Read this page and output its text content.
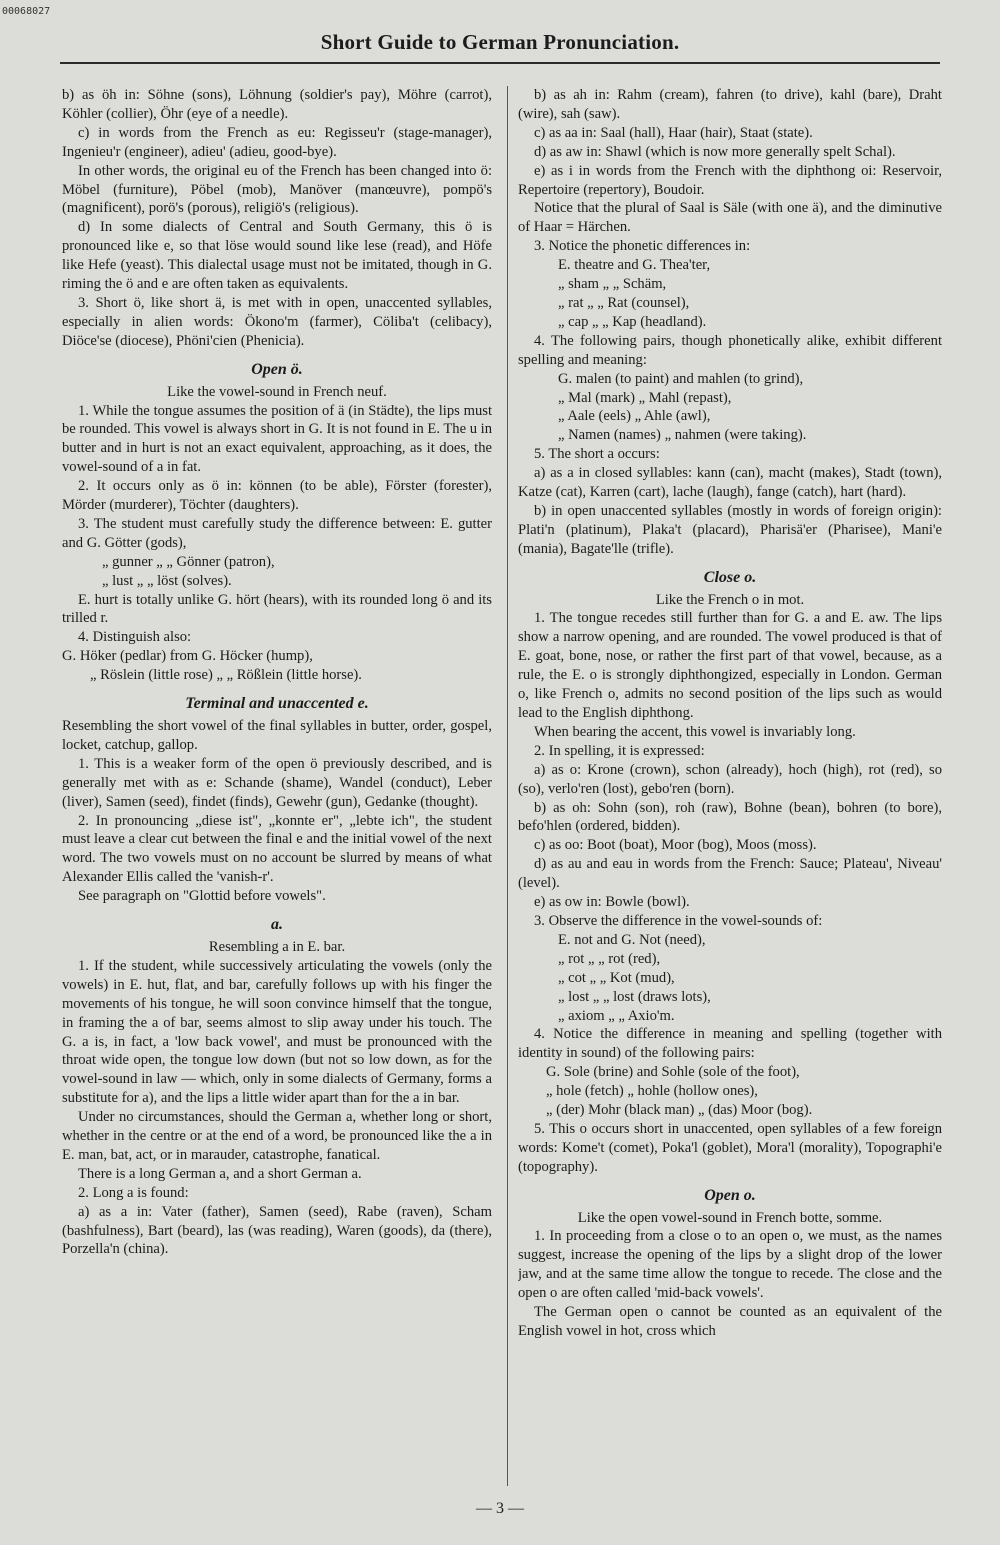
00068027
Short Guide to German Pronunciation.

b) as öh in: Söhne (sons), Löhnung (soldier's pay), Möhre (carrot), Köhler (collier), Öhr (eye of a needle).

c) in words from the French as eu: Regisseu'r (stage-manager), Ingenieu'r (engineer), adieu' (adieu, good-bye).

In other words, the original eu of the French has been changed into ö: Möbel (furniture), Pöbel (mob), Manöver (manœuvre), pompö's (magnificent), porö's (porous), religiö's (religious).

d) In some dialects of Central and South Germany, this ö is pronounced like e, so that löse would sound like lese (read), and Höfe like Hefe (yeast). This dialectal usage must not be imitated, though in G. riming the ö and e are often taken as equivalents.

3. Short ö, like short ä, is met with in open, unaccented syllables, especially in alien words: Ökono'm (farmer), Cöliba't (celibacy), Diöce'se (diocese), Phöni'cien (Phenicia).

Open ö.

Like the vowel-sound in French neuf.

1. While the tongue assumes the position of ä (in Städte), the lips must be rounded. This vowel is always short in G. It is not found in E. The u in butter and in hurt is not an exact equivalent, approaching, as it does, the vowel-sound of a in fat.

2. It occurs only as ö in: können (to be able), Förster (forester), Mörder (murderer), Töchter (daughters).

3. The student must carefully study the difference between: E. gutter and G. Götter (gods),

„ gunner „ „ Gönner (patron),

„ lust „ „ löst (solves).

E. hurt is totally unlike G. hört (hears), with its rounded long ö and its trilled r.

4. Distinguish also:

G. Höker (pedlar) from G. Höcker (hump),

„ Röslein (little rose) „ „ Rößlein (little horse).

Terminal and unaccented e.

Resembling the short vowel of the final syllables in butter, order, gospel, locket, catchup, gallop.

1. This is a weaker form of the open ö previously described, and is generally met with as e: Schande (shame), Wandel (conduct), Leber (liver), Samen (seed), findet (finds), Gewehr (gun), Gedanke (thought).

2. In pronouncing „diese ist", „konnte er", „lebte ich", the student must leave a clear cut between the final e and the initial vowel of the next word. The two vowels must on no account be slurred by means of what Alexander Ellis called the 'vanish-r'.

See paragraph on "Glottid before vowels".

a.

Resembling a in E. bar.

1. If the student, while successively articulating the vowels (only the vowels) in E. hut, flat, and bar, carefully follows up with his finger the movements of his tongue, he will soon convince himself that the tongue, in framing the a of bar, seems almost to slip away under his touch. The G. a is, in fact, a 'low back vowel', and must be pronounced with the throat wide open, the tongue low down (but not so low down, as for the vowel-sound in law — which, only in some dialects of Germany, forms a substitute for a), and the lips a little wider apart than for the a in bar.

Under no circumstances, should the German a, whether long or short, whether in the centre or at the end of a word, be pronounced like the a in E. man, bat, act, or in marauder, catastrophe, fanatical.

There is a long German a, and a short German a.

2. Long a is found:

a) as a in: Vater (father), Samen (seed), Rabe (raven), Scham (bashfulness), Bart (beard), las (was reading), Waren (goods), da (there), Porzella'n (china).

b) as ah in: Rahm (cream), fahren (to drive), kahl (bare), Draht (wire), sah (saw).

c) as aa in: Saal (hall), Haar (hair), Staat (state).

d) as aw in: Shawl (which is now more generally spelt Schal).

e) as i in words from the French with the diphthong oi: Reservoir, Repertoire (repertory), Boudoir.

Notice that the plural of Saal is Säle (with one ä), and the diminutive of Haar = Härchen.

3. Notice the phonetic differences in:

E. theatre and G. Thea'ter,

„ sham „ „ Schäm,

„ rat „ „ Rat (counsel),

„ cap „ „ Kap (headland).

4. The following pairs, though phonetically alike, exhibit different spelling and meaning:

G. malen (to paint) and mahlen (to grind),

„ Mal (mark) „ Mahl (repast),

„ Aale (eels) „ Ahle (awl),

„ Namen (names) „ nahmen (were taking).

5. The short a occurs:

a) as a in closed syllables: kann (can), macht (makes), Stadt (town), Katze (cat), Karren (cart), lache (laugh), fange (catch), hart (hard).

b) in open unaccented syllables (mostly in words of foreign origin): Plati'n (platinum), Plaka't (placard), Pharisä'er (Pharisee), Mani'e (mania), Bagate'lle (trifle).

Close o.

Like the French o in mot.

1. The tongue recedes still further than for G. a and E. aw. The lips show a narrow opening, and are rounded. The vowel produced is that of E. goat, bone, nose, or rather the first part of that vowel, because, as a rule, the E. o is strongly diphthongized, especially in London. German o, like French o, admits no second position of the lips such as would lead to the English diphthong.

When bearing the accent, this vowel is invariably long.

2. In spelling, it is expressed:

a) as o: Krone (crown), schon (already), hoch (high), rot (red), so (so), verlo'ren (lost), gebo'ren (born).

b) as oh: Sohn (son), roh (raw), Bohne (bean), bohren (to bore), befo'hlen (ordered, bidden).

c) as oo: Boot (boat), Moor (bog), Moos (moss).

d) as au and eau in words from the French: Sauce; Plateau', Niveau' (level).

e) as ow in: Bowle (bowl).

3. Observe the difference in the vowel-sounds of:

E. not and G. Not (need),

„ rot „ „ rot (red),

„ cot „ „ Kot (mud),

„ lost „ „ lost (draws lots),

„ axiom „ „ Axio'm.

4. Notice the difference in meaning and spelling (together with identity in sound) of the following pairs:

G. Sole (brine) and Sohle (sole of the foot),

„ hole (fetch) „ hohle (hollow ones),

„ (der) Mohr (black man) „ (das) Moor (bog).

5. This o occurs short in unaccented, open syllables of a few foreign words: Kome't (comet), Poka'l (goblet), Mora'l (morality), Topographi'e (topography).

Open o.

Like the open vowel-sound in French botte, somme.

1. In proceeding from a close o to an open o, we must, as the names suggest, increase the opening of the lips by a slight drop of the lower jaw, and at the same time allow the tongue to recede. The close and the open o are often called 'mid-back vowels'.

The German open o cannot be counted as an equivalent of the English vowel in hot, cross which

— 3 —
